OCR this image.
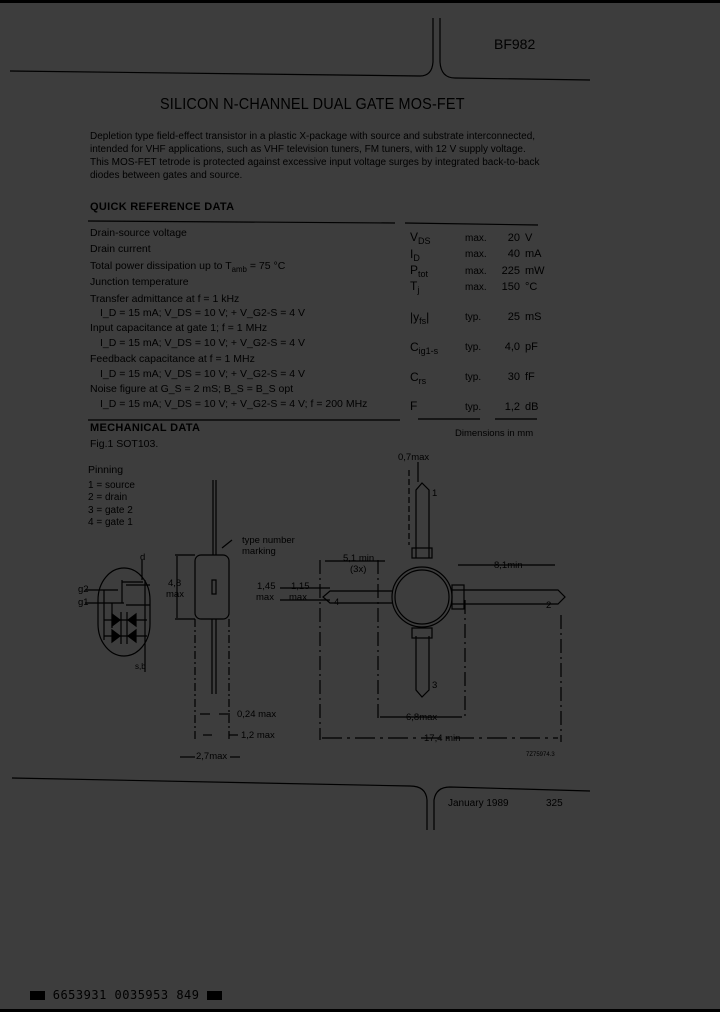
BF982
SILICON N-CHANNEL DUAL GATE MOS-FET

Depletion type field-effect transistor in a plastic X-package with source and substrate interconnected, intended for VHF applications, such as VHF television tuners, FM tuners, with 12 V supply voltage.

This MOS-FET tetrode is protected against excessive input voltage surges by integrated back-to-back diodes between gates and source.

QUICK REFERENCE DATA
Drain-source voltage	$V_{DS}$	max.	20 V
Drain current	$I_D$	max.	40 mA
Total power dissipation up to $T_{amb} = 75$ °C	$P_{tot}$	max.	225 mW
Junction temperature	$T_j$	max.	150 °C
Transfer admittance at f = 1 kHz
I_D = 15 mA; V_DS = 10 V; + V_G2-S = 4 V	$|y_{fs}|$	typ.	25 mS
Input capacitance at gate 1; f = 1 MHz
I_D = 15 mA; V_DS = 10 V; + V_G2-S = 4 V	$C_{ig1-s}$	typ.	4,0 pF
Feedback capacitance at f = 1 MHz
I_D = 15 mA; V_DS = 10 V; + V_G2-S = 4 V	$C_{rs}$	typ.	30 fF
Noise figure at G_S = 2 mS; B_S = B_S opt
I_D = 15 mA; V_DS = 10 V; + V_G2-S = 4 V; f = 200 MHz	F	typ.	1,2 dB
MECHANICAL DATA
Fig.1 SOT103.
Dimensions in mm
Pinning
1 = source
2 = drain
3 = gate 2
4 = gate 1
d
g2
g1
s,b
type number
marking
4,8
max
1,45
max
1,15
max
0,7max
5,1 min
(3x)	8,1min
1
2
3
4
0,24 max
1,2 max
2,7max
6,8max
17,4 min
7Z75974.3
January 1989	325
6653931 0035953 849
